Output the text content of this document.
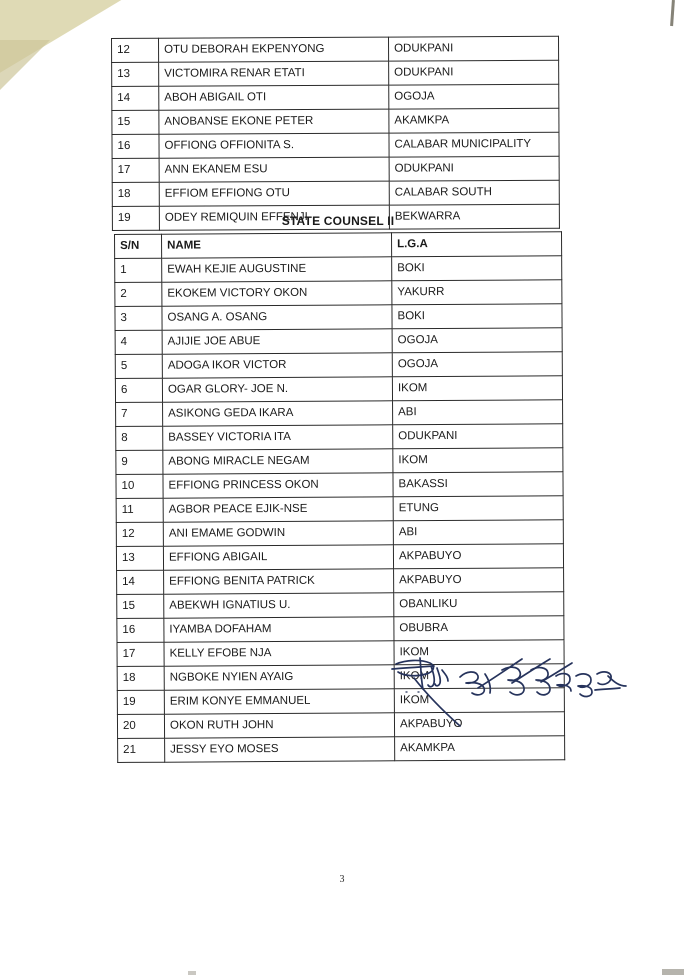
12	OTU DEBORAH EKPENYONG	ODUKPANI
13	VICTOMIRA RENAR ETATI	ODUKPANI
14	ABOH ABIGAIL OTI	OGOJA
15	ANOBANSE EKONE PETER	AKAMKPA
16	OFFIONG OFFIONITA S.	CALABAR MUNICIPALITY
17	ANN EKANEM ESU	ODUKPANI
18	EFFIOM EFFIONG OTU	CALABAR SOUTH
19	ODEY REMIQUIN EFFENJI	BEKWARRA
STATE COUNSEL II
S/N	NAME	L.G.A
1	EWAH KEJIE AUGUSTINE	BOKI
2	EKOKEM VICTORY OKON	YAKURR
3	OSANG A. OSANG	BOKI
4	AJIJIE JOE ABUE	OGOJA
5	ADOGA IKOR VICTOR	OGOJA
6	OGAR GLORY- JOE N.	IKOM
7	ASIKONG GEDA IKARA	ABI
8	BASSEY VICTORIA ITA	ODUKPANI
9	ABONG MIRACLE NEGAM	IKOM
10	EFFIONG PRINCESS OKON	BAKASSI
11	AGBOR PEACE EJIK-NSE	ETUNG
12	ANI EMAME GODWIN	ABI
13	EFFIONG ABIGAIL	AKPABUYO
14	EFFIONG BENITA PATRICK	AKPABUYO
15	ABEKWH IGNATIUS U.	OBANLIKU
16	IYAMBA DOFAHAM	OBUBRA
17	KELLY EFOBE NJA	IKOM
18	NGBOKE NYIEN AYAIG	IKOM
19	ERIM KONYE EMMANUEL	IKOM
20	OKON RUTH JOHN	AKPABUYO
21	JESSY EYO MOSES	AKAMKPA
3
